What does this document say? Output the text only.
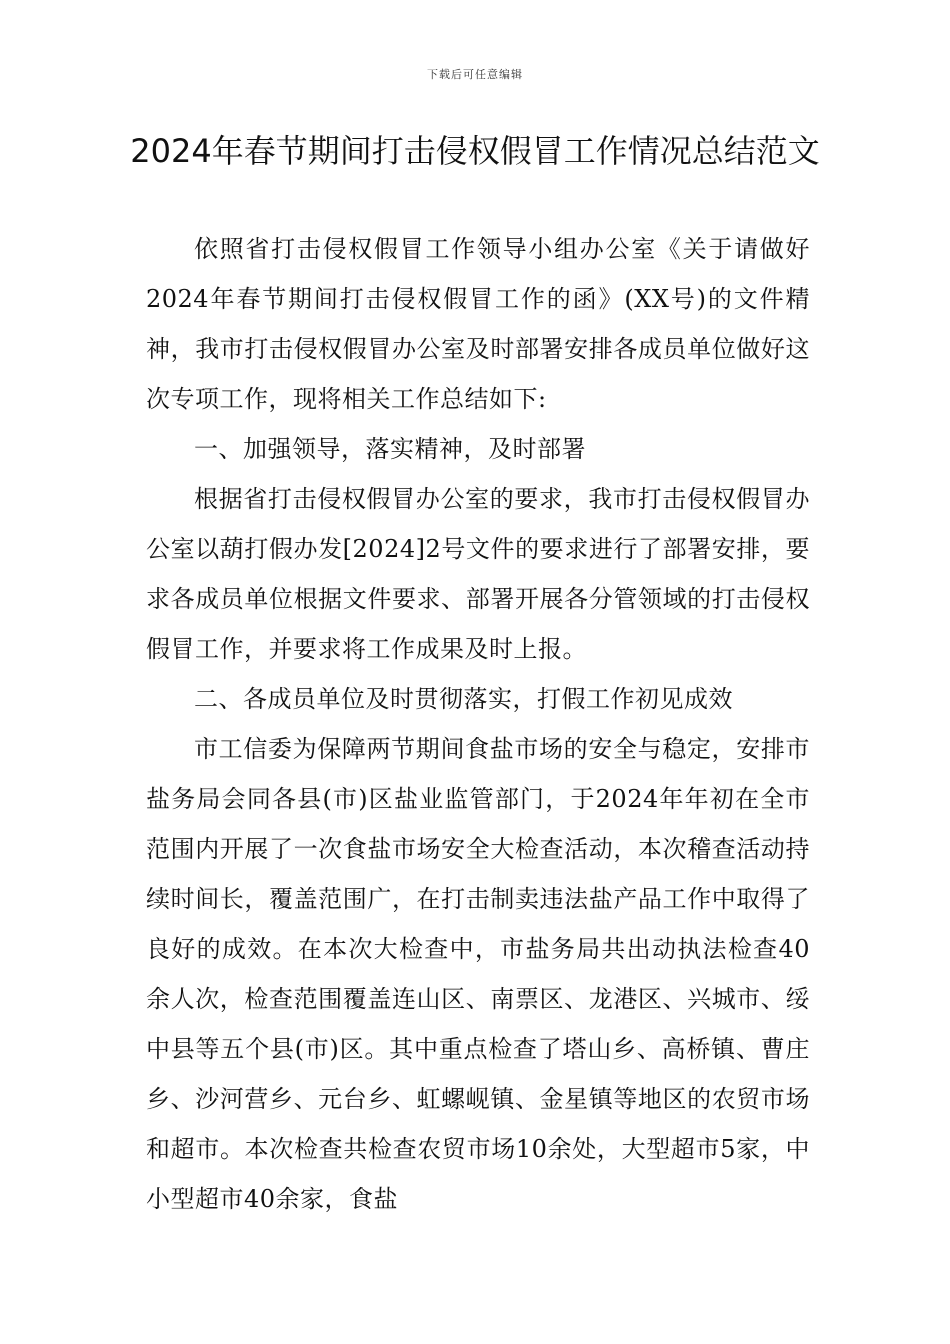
下载后可任意编辑
2024年春节期间打击侵权假冒工作情况总结范文

依照省打击侵权假冒工作领导小组办公室《关于请做好2024年春节期间打击侵权假冒工作的函》(XX号)的文件精神，我市打击侵权假冒办公室及时部署安排各成员单位做好这次专项工作，现将相关工作总结如下:

一、加强领导，落实精神，及时部署

根据省打击侵权假冒办公室的要求，我市打击侵权假冒办公室以葫打假办发[2024]2号文件的要求进行了部署安排，要求各成员单位根据文件要求、部署开展各分管领域的打击侵权假冒工作，并要求将工作成果及时上报。

二、各成员单位及时贯彻落实，打假工作初见成效

市工信委为保障两节期间食盐市场的安全与稳定，安排市盐务局会同各县(市)区盐业监管部门，于2024年年初在全市范围内开展了一次食盐市场安全大检查活动，本次稽查活动持续时间长，覆盖范围广，在打击制卖违法盐产品工作中取得了良好的成效。在本次大检查中，市盐务局共出动执法检查40余人次，检查范围覆盖连山区、南票区、龙港区、兴城市、绥中县等五个县(市)区。其中重点检查了塔山乡、高桥镇、曹庄乡、沙河营乡、元台乡、虹螺岘镇、金星镇等地区的农贸市场和超市。本次检查共检查农贸市场10余处，大型超市5家，中小型超市40余家，食盐
